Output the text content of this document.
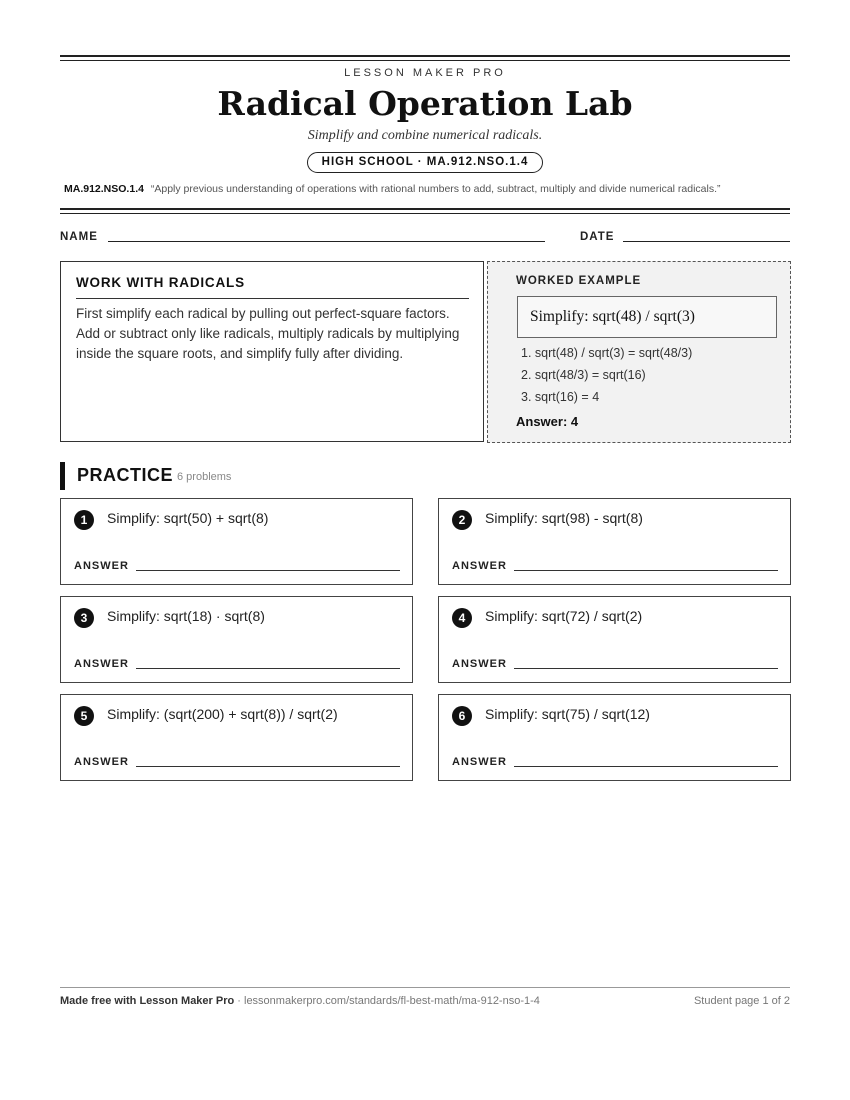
LESSON MAKER PRO
Radical Operation Lab
Simplify and combine numerical radicals.
HIGH SCHOOL · MA.912.NSO.1.4
MA.912.NSO.1.4 “Apply previous understanding of operations with rational numbers to add, subtract, multiply and divide numerical radicals.”
NAME	DATE
WORK WITH RADICALS

First simplify each radical by pulling out perfect-square factors. Add or subtract only like radicals, multiply radicals by multiplying inside the square roots, and simplify fully after dividing.

WORKED EXAMPLE
Simplify: sqrt(48) / sqrt(3)
1. sqrt(48) / sqrt(3) = sqrt(48/3)
2. sqrt(48/3) = sqrt(16)
3. sqrt(16) = 4
Answer: 4
PRACTICE 6 problems
1	Simplify: sqrt(50) + sqrt(8)
ANSWER
2	Simplify: sqrt(98) - sqrt(8)
ANSWER
3	Simplify: sqrt(18) · sqrt(8)
ANSWER
4	Simplify: sqrt(72) / sqrt(2)
ANSWER
5	Simplify: (sqrt(200) + sqrt(8)) / sqrt(2)
ANSWER
6	Simplify: sqrt(75) / sqrt(12)
ANSWER
Made free with Lesson Maker Pro · lessonmakerpro.com/standards/fl-best-math/ma-912-nso-1-4	Student page 1 of 2
